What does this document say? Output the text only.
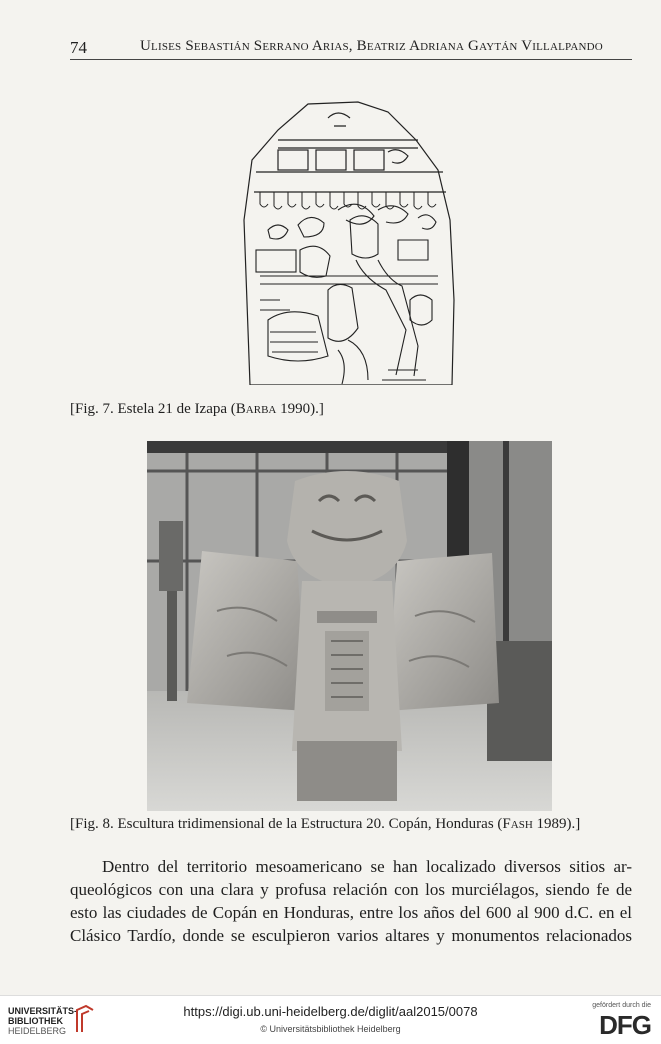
74	Ulises Sebastián Serrano Arias, Beatriz Adriana Gaytán Villalpando
[Fig. 7. Estela 21 de Izapa (Barba 1990).]
[Fig. 8. Escultura tridimensional de la Estructura 20. Copán, Honduras (Fash 1989).]
Dentro del territorio mesoamericano se han localizado diversos sitios ar-
queológicos con una clara y profusa relación con los murciélagos, siendo fe de
esto las ciudades de Copán en Honduras, entre los años del 600 al 900 d.C. en el
Clásico Tardío, donde se esculpieron varios altares y monumentos relacionados
UNIVERSITÄTS-
BIBLIOTHEK
HEIDELBERG
https://digi.ub.uni-heidelberg.de/diglit/aal2015/0078
© Universitätsbibliothek Heidelberg
gefördert durch die
DFG
